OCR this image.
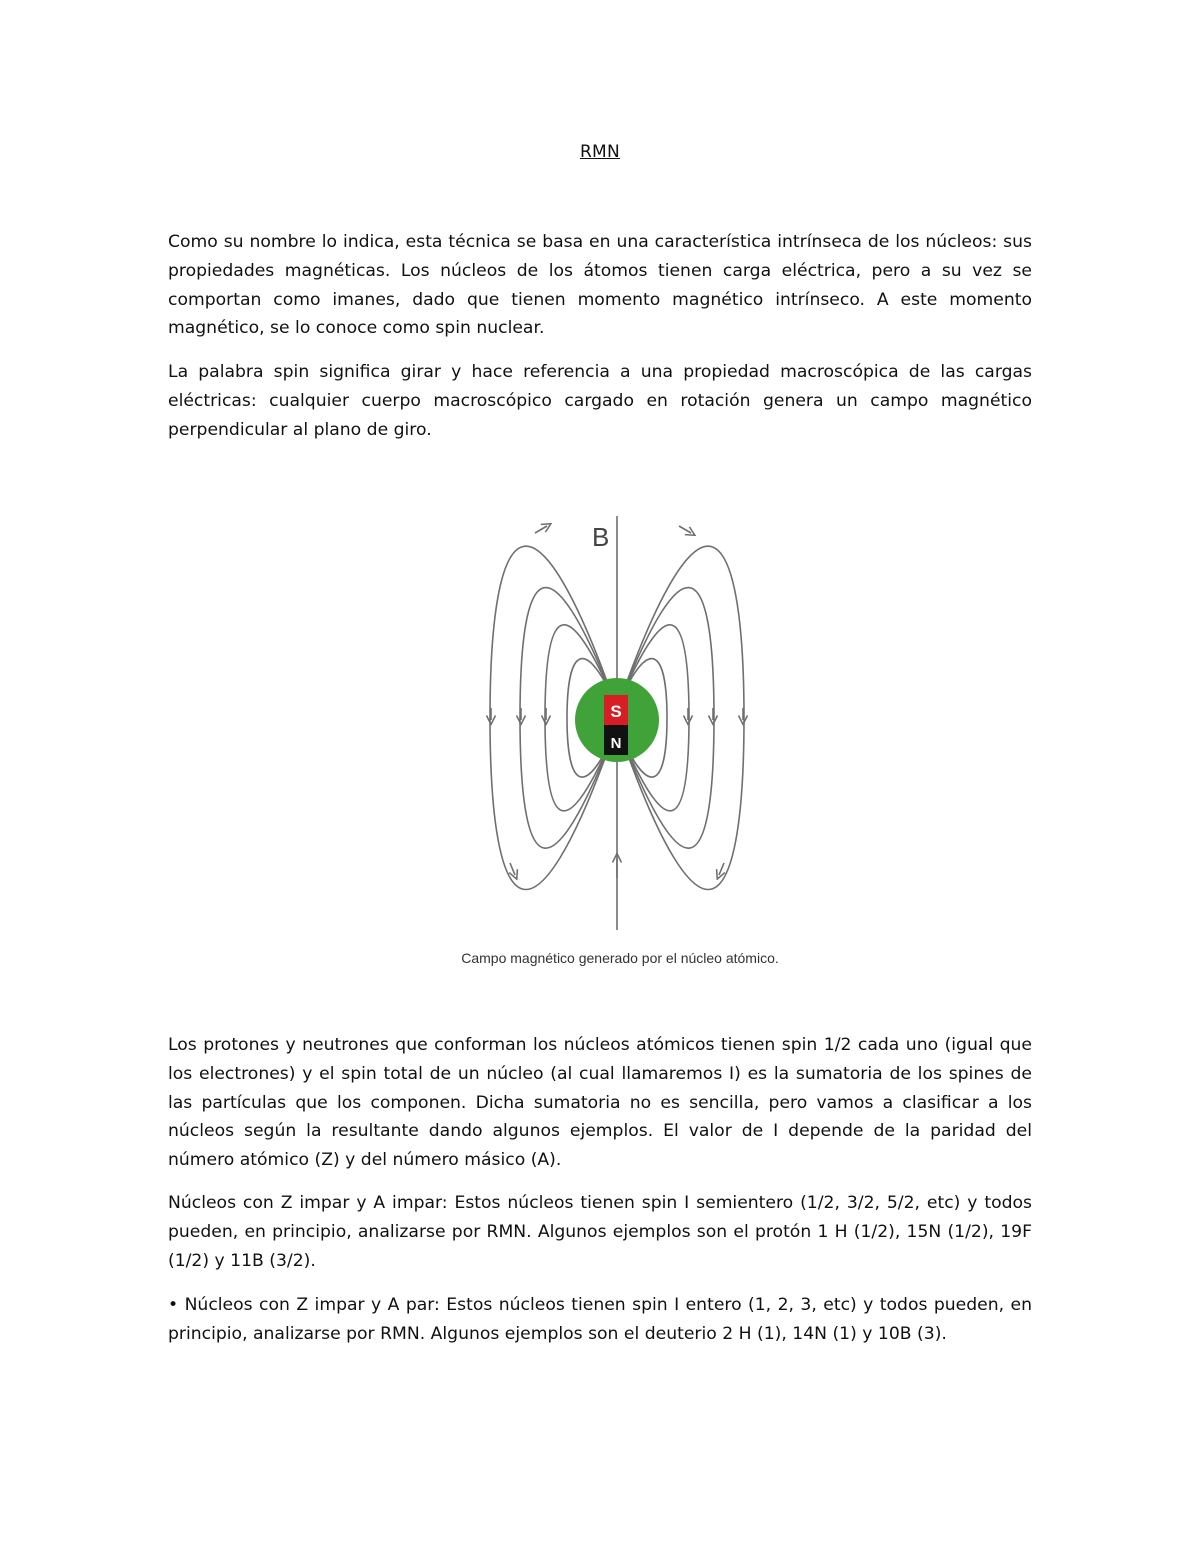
RMN

Como su nombre lo indica, esta técnica se basa en una característica intrínseca de los núcleos: sus propiedades magnéticas. Los núcleos de los átomos tienen carga eléctrica, pero a su vez se comportan como imanes, dado que tienen momento magnético intrínseco. A este momento magnético, se lo conoce como spin nuclear.

La palabra spin significa girar y hace referencia a una propiedad macroscópica de las cargas eléctricas: cualquier cuerpo macroscópico cargado en rotación genera un campo magnético perpendicular al plano de giro.

S
N
B
Campo magnético generado por el núcleo atómico.

Los protones y neutrones que conforman los núcleos atómicos tienen spin 1/2 cada uno (igual que los electrones) y el spin total de un núcleo (al cual llamaremos I) es la sumatoria de los spines de las partículas que los componen. Dicha sumatoria no es sencilla, pero vamos a clasificar a los núcleos según la resultante dando algunos ejemplos. El valor de I depende de la paridad del número atómico (Z) y del número másico (A).

Núcleos con Z impar y A impar: Estos núcleos tienen spin I semientero (1/2, 3/2, 5/2, etc) y todos pueden, en principio, analizarse por RMN. Algunos ejemplos son el protón 1 H (1/2), 15N (1/2), 19F (1/2) y 11B (3/2).

• Núcleos con Z impar y A par: Estos núcleos tienen spin I entero (1, 2, 3, etc) y todos pueden, en principio, analizarse por RMN. Algunos ejemplos son el deuterio 2 H (1), 14N (1) y 10B (3).
